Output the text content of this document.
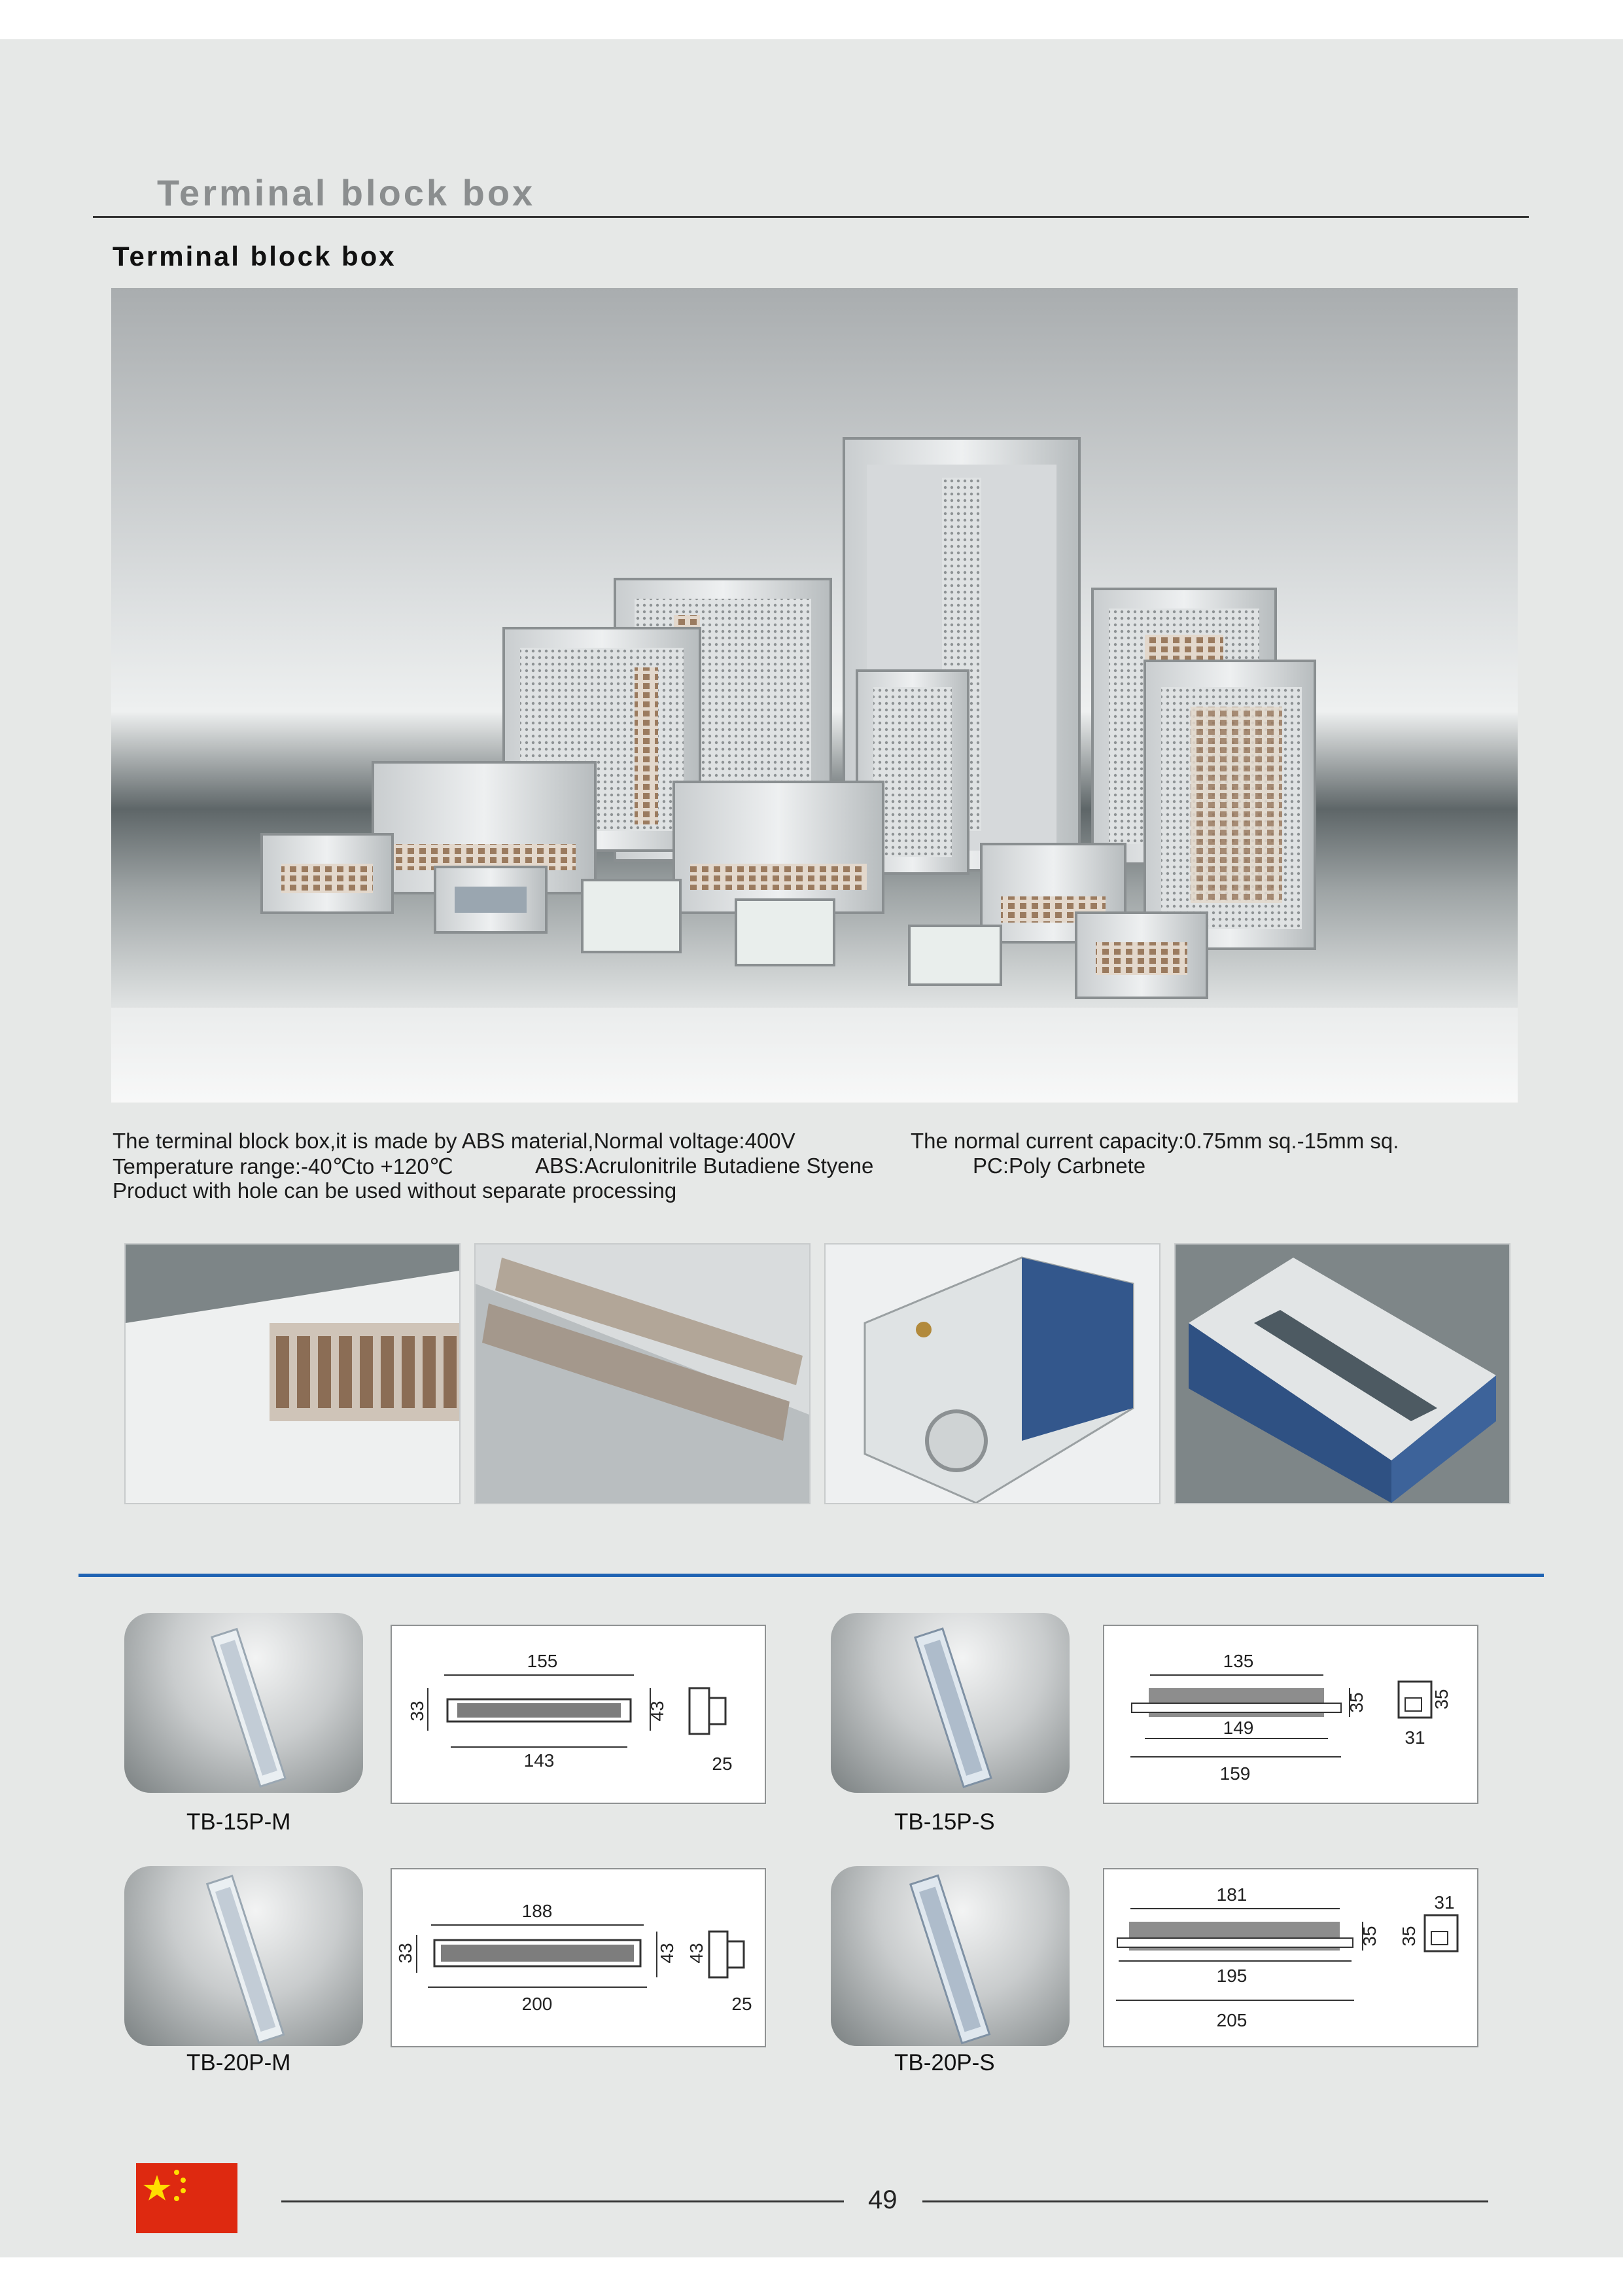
Terminal block box
Terminal block box
The terminal block box,it is made by ABS material,Normal voltage:400V	The normal current capacity:0.75mm sq.-15mm sq.
Temperature range:-40℃to +120℃	ABS:Acrulonitrile Butadiene Styene	PC:Poly Carbnete
Product with hole can be used without separate processing
155
143
33	43
25
TB-15P-M
135
149
159
35	35
31
TB-15P-S
188
200
33	43 43
25
TB-20P-M
181
195
205
35 35
31
TB-20P-S
49
